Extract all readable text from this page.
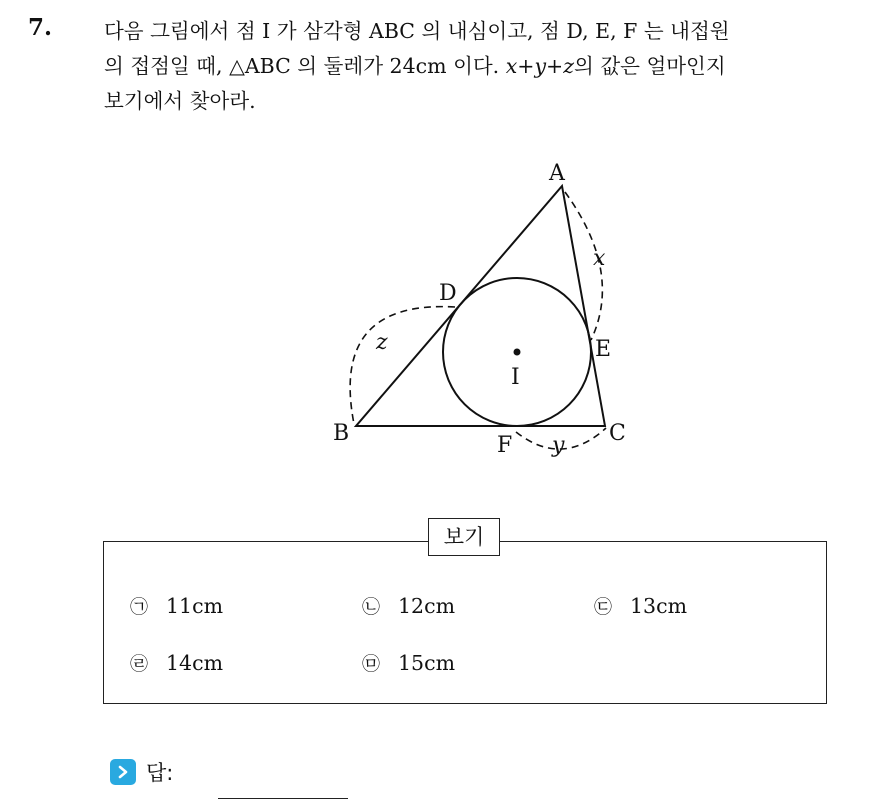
7.	다음 그림에서 점 I 가 삼각형 ABC 의 내심이고, 점 D, E, F 는 내접원
의 접점일 때, △ABC 의 둘레가 24cm 이다. x+y+z의 값은 얼마인지
보기에서 찾아라.
A
B	C
D
E
F
I
x
z
y
보기
㉠ 11cm	㉡ 12cm	㉢ 13cm
㉣ 14cm	㉤ 15cm
답:
